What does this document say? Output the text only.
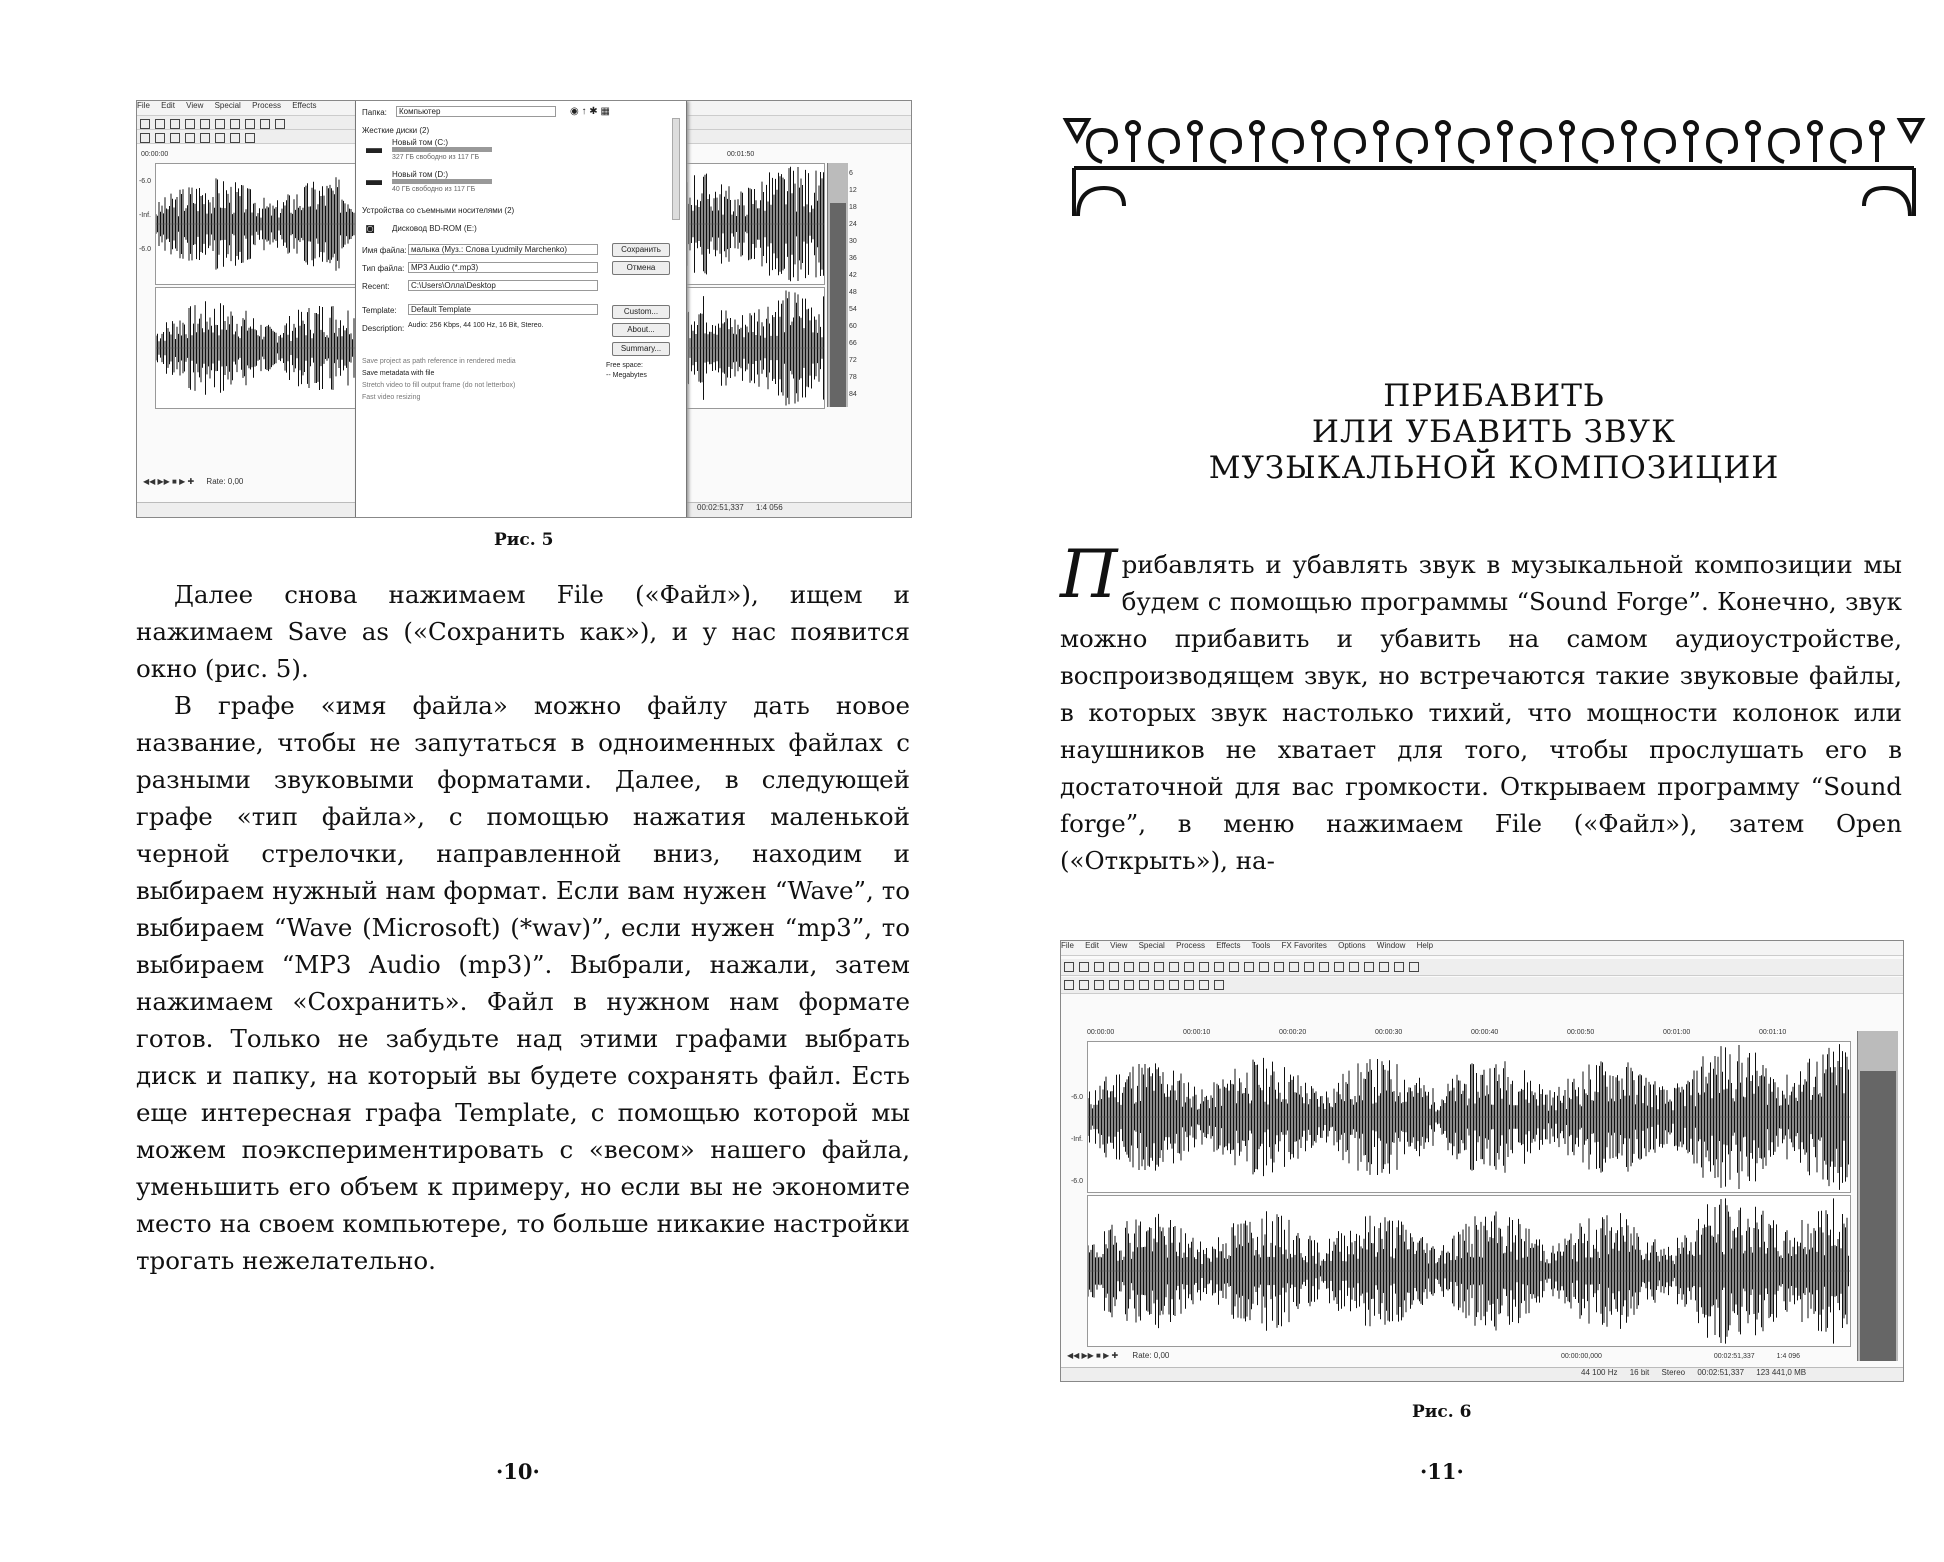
File Edit View Special Process Effects
00:00:00	00:01:50
-6.0
-Inf.
-6.0
6
12
18
24
30
36
42
48
54
60
66
72
78
84
◀◀ ▶▶ ■ ▶ ✚ Rate: 0,00
00:02:51,337 1:4 056
Папка:	Компьютер	◉ ↑ ✱ ▦
Жесткие диски (2)
▬ Новый том (C:)
327 ГБ свободно из 117 ГБ
▬ Новый том (D:)
40 ГБ свободно из 117 ГБ
Устройства со съемными носителями (2)
◙ Дисковод BD-ROM (E:)
Имя файла: малыка (Муз.: Слова Lyudmily Marchenko)	Сохранить
Тип файла: MP3 Audio (*.mp3)	Отмена
Recent:	C:\Users\Олла\Desktop
Template:	Default Template	Custom...
Description: Audio: 256 Kbps, 44 100 Hz, 16 Bit, Stereo.	About...
Summary...
Save project as path reference in rendered media
Save metadata with file
Stretch video to fill output frame (do not letterbox)
Fast video resizing
Free space:
-- Megabytes
Рис. 5

Далее снова нажимаем File («Файл»), ищем и нажимаем Save as («Сохранить как»), и у нас появится окно (рис. 5).

В графе «имя файла» можно файлу дать новое название, чтобы не запутаться в одноименных файлах с разными звуковыми форматами. Далее, в следующей графе «тип файла», с помощью нажатия маленькой черной стрелочки, направленной вниз, находим и выбираем нужный нам формат. Если вам нужен “Wave”, то выбираем “Wave (Microsoft) (*wav)”, если нужен “mp3”, то выбираем “MP3 Audio (mp3)”. Выбрали, нажали, затем нажимаем «Сохранить». Файл в нужном нам формате готов. Только не забудьте над этими графами выбрать диск и папку, на который вы будете сохранять файл. Есть еще интересная графа Template, с помощью которой мы можем поэкспериментировать с «весом» нашего файла, уменьшить его объем к примеру, но если вы не экономите место на своем компьютере, то больше никакие настройки трогать нежелательно.

·10·
ПРИБАВИТЬ
ИЛИ УБАВИТЬ ЗВУК
МУЗЫКАЛЬНОЙ КОМПОЗИЦИИ

Прибавлять и убавлять звук в музыкальной композиции мы будем с помощью программы “Sound Forge”. Конечно, звук можно прибавить и убавить на самом аудиоустройстве, воспроизводящем звук, но встречаются такие звуковые файлы, в которых звук настолько тихий, что мощности колонок или наушников не хватает для того, чтобы прослушать его в достаточной для вас громкости. Открываем программу “Sound forge”, в меню нажимаем File («Файл»), затем Open («Открыть»), на-

File Edit View Special Process Effects Tools FX Favorites Options Window Help
00:00:00	00:00:10	00:00:20	00:00:30	00:00:40	00:00:50	00:01:00	00:01:10
-6.0
-Inf.
-6.0
◀◀ ▶▶ ■ ▶ ✚ Rate: 0,00	00:00:00,000	00:02:51,337	1:4 096
44 100 Hz 16 bit Stereo 00:02:51,337 123 441,0 MB
Рис. 6
·11·
